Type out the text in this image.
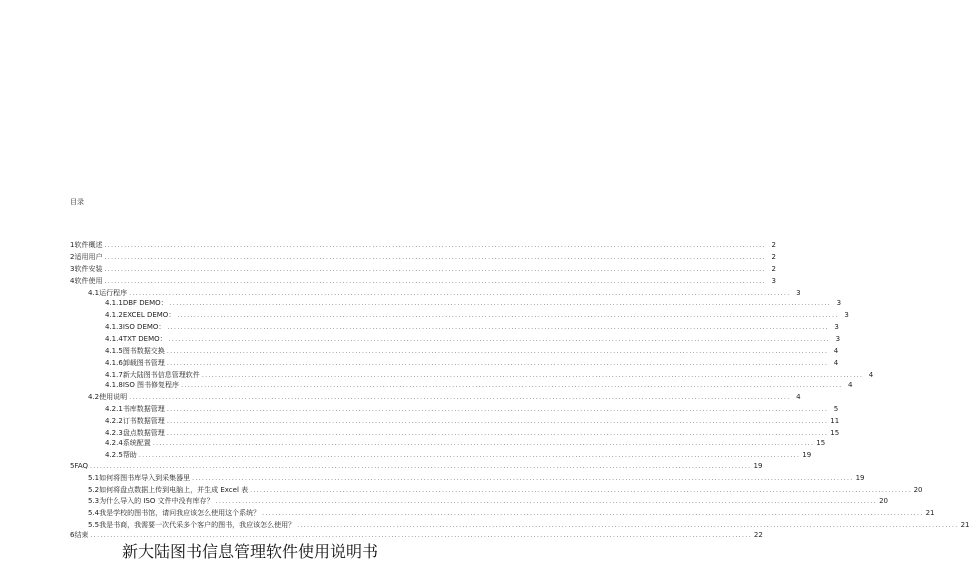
目录
1 软件概述 ........................................................................................................................................................................................................ 2
2 适用用户 ........................................................................................................................................................................................................ 2
3 软件安装 ........................................................................................................................................................................................................ 2
4 软件使用 ........................................................................................................................................................................................................ 3
4.1 运行程序 ........................................................................................................................................................................................................ 3
4.1.1 DBF DEMO： ........................................................................................................................................................................................................ 3
4.1.2 EXCEL DEMO： ........................................................................................................................................................................................................ 3
4.1.3 ISO DEMO： ........................................................................................................................................................................................................ 3
4.1.4 TXT DEMO： ........................................................................................................................................................................................................ 3
4.1.5 图书数据交换 ........................................................................................................................................................................................................ 4
4.1.6 卸载图书管理 ........................................................................................................................................................................................................ 4
4.1.7 新大陆图书信息管理软件 ........................................................................................................................................................................................................ 4
4.1.8 ISO 图书修复程序 ........................................................................................................................................................................................................ 4
4.2 使用说明 ........................................................................................................................................................................................................ 4
4.2.1 书库数据管理 ........................................................................................................................................................................................................ 5
4.2.2 订书数据管理 ........................................................................................................................................................................................................ 11
4.2.3 盘点数据管理 ........................................................................................................................................................................................................ 15
4.2.4 系统配置 ........................................................................................................................................................................................................ 15
4.2.5 帮助 ........................................................................................................................................................................................................ 19
5 FAQ ........................................................................................................................................................................................................ 19
5.1 如何将图书库导入到采集器里 ........................................................................................................................................................................................................ 19
5.2 如何将盘点数据上传到电脑上，并生成 Excel 表 ........................................................................................................................................................................................................ 20
5.3 为什么导入的 ISO 文件中没有库存？ ........................................................................................................................................................................................................ 20
5.4 我是学校的图书馆，请问我应该怎么使用这个系统？ ........................................................................................................................................................................................................ 21
5.5 我是书商，我需要一次代采多个客户的图书，我应该怎么使用？ ........................................................................................................................................................................................................ 21
6 结束 ........................................................................................................................................................................................................ 22
新大陆图书信息管理软件使用说明书
